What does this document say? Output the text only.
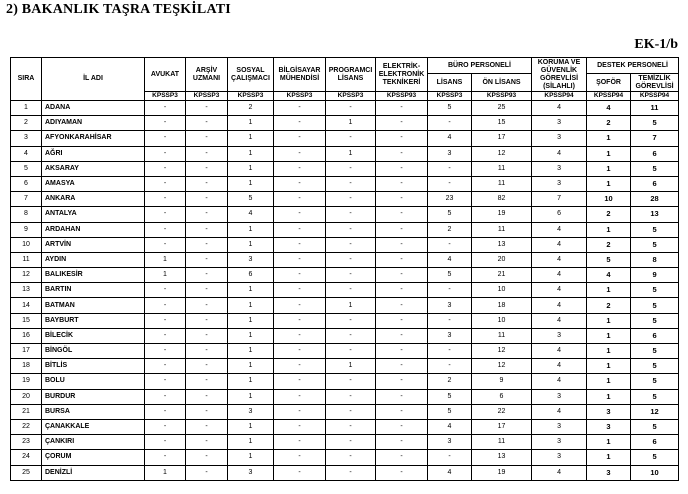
2) BAKANLIK TAŞRA TEŞKİLATI
EK-1/b
SIRA	İL ADI	AVUKAT	ARŞİV UZMANI	SOSYAL ÇALIŞMACI	BİLGİSAYAR MÜHENDİSİ	PROGRAMCI LİSANS	ELEKTRİK-ELEKTRONİK TEKNİKERİ	BÜRO PERSONELİ		KORUMA VE GÜVENLİK GÖREVLİSİ (SİLAHLI)	DESTEK PERSONELİ	
								LİSANS	ÖN LİSANS		ŞOFÖR	TEMİZLİK GÖREVLİSİ
		KPSSP3	KPSSP3	KPSSP3	KPSSP3	KPSSP3	KPSSP93	KPSSP3	KPSSP93	KPSSP94	KPSSP94	KPSSP94
1	ADANA	-	-	2	-	-	-	5	25	4	4	11
2	ADIYAMAN	-	-	1	-	1	-	-	15	3	2	5
3	AFYONKARAHİSAR	-	-	1	-	-	-	4	17	3	1	7
4	AĞRI	-	-	1	-	1	-	3	12	4	1	6
5	AKSARAY	-	-	1	-	-	-	-	11	3	1	5
6	AMASYA	-	-	1	-	-	-	-	11	3	1	6
7	ANKARA	-	-	5	-	-	-	23	82	7	10	28
8	ANTALYA	-	-	4	-	-	-	5	19	6	2	13
9	ARDAHAN	-	-	1	-	-	-	2	11	4	1	5
10	ARTVİN	-	-	1	-	-	-	-	13	4	2	5
11	AYDIN	1	-	3	-	-	-	4	20	4	5	8
12	BALIKESİR	1	-	6	-	-	-	5	21	4	4	9
13	BARTIN	-	-	1	-	-	-	-	10	4	1	5
14	BATMAN	-	-	1	-	1	-	3	18	4	2	5
15	BAYBURT	-	-	1	-	-	-	-	10	4	1	5
16	BİLECİK	-	-	1	-	-	-	3	11	3	1	6
17	BİNGÖL	-	-	1	-	-	-	-	12	4	1	5
18	BİTLİS	-	-	1	-	1	-	-	12	4	1	5
19	BOLU	-	-	1	-	-	-	2	9	4	1	5
20	BURDUR	-	-	1	-	-	-	5	6	3	1	5
21	BURSA	-	-	3	-	-	-	5	22	4	3	12
22	ÇANAKKALE	-	-	1	-	-	-	4	17	3	3	5
23	ÇANKIRI	-	-	1	-	-	-	3	11	3	1	6
24	ÇORUM	-	-	1	-	-	-	-	13	3	1	5
25	DENİZLİ	1	-	3	-	-	-	4	19	4	3	10
